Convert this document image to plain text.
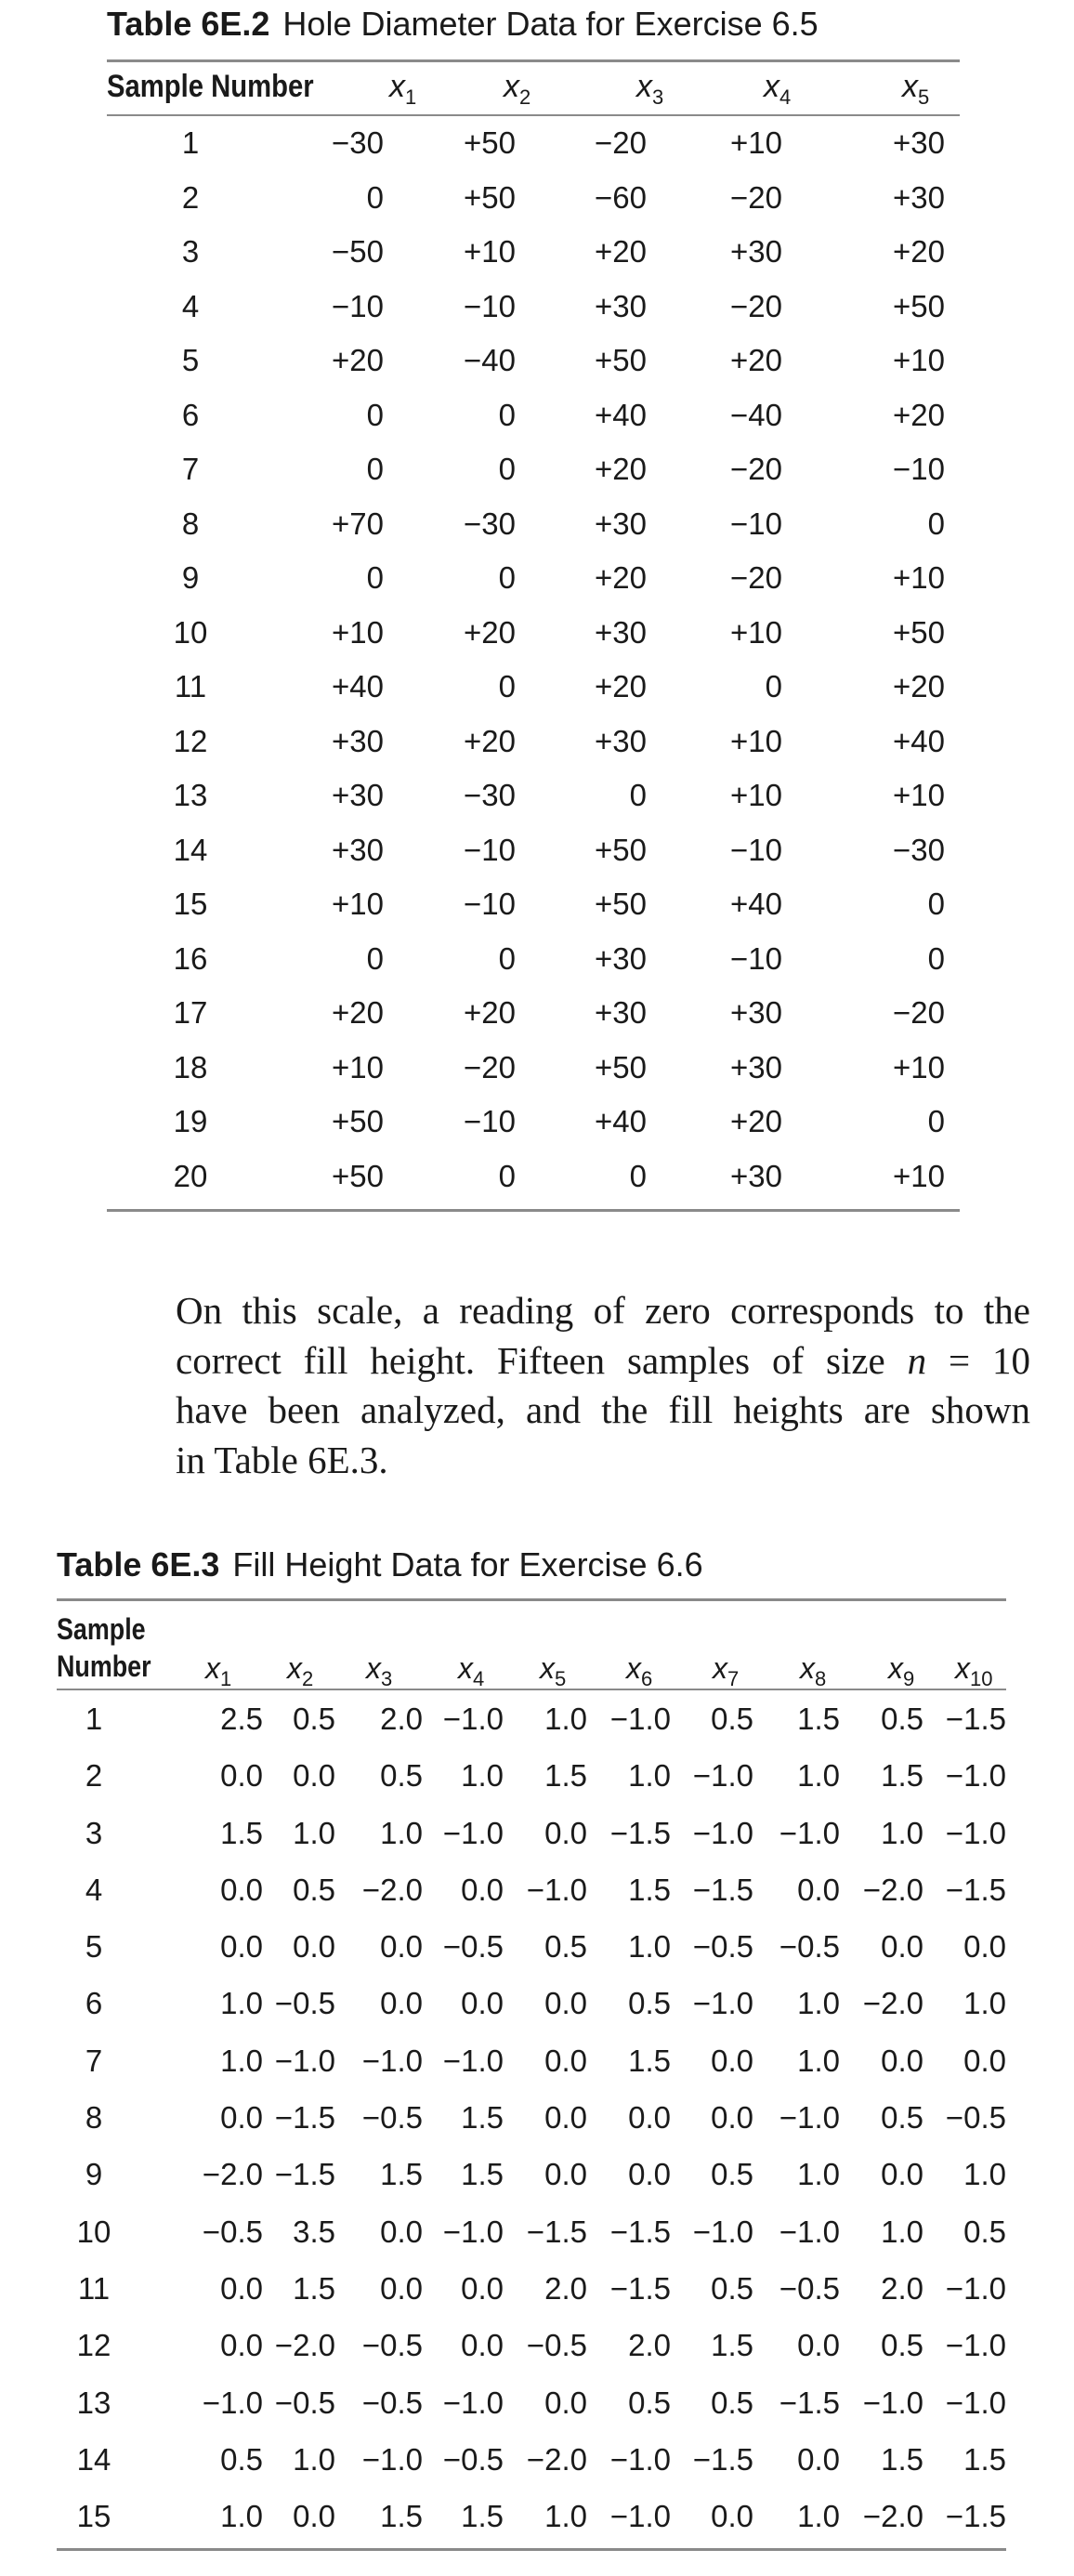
Table 6E.2 Hole Diameter Data for Exercise 6.5
Sample Number $x_1$	$x_2$	$x_3$	$x_4$	$x_5$
1	−30	+50	−20	+10	+30
2	0	+50	−60	−20	+30
3	−50	+10	+20	+30	+20
4	−10	−10	+30	−20	+50
5	+20	−40	+50	+20	+10
6	0	0	+40	−40	+20
7	0	0	+20	−20	−10
8	+70	−30	+30	−10	0
9	0	0	+20	−20	+10
10	+10	+20	+30	+10	+50
11	+40	0	+20	0	+20
12	+30	+20	+30	+10	+40
13	+30	−30	0	+10	+10
14	+30	−10	+50	−10	−30
15	+10	−10	+50	+40	0
16	0	0	+30	−10	0
17	+20	+20	+30	+30	−20
18	+10	−20	+50	+30	+10
19	+50	−10	+40	+20	0
20	+50	0	0	+30	+10
On this scale, a reading of zero corresponds to the
correct fill height. Fifteen samples of size n = 10
have been analyzed, and the fill heights are shown
in Table 6E.3.
Table 6E.3 Fill Height Data for Exercise 6.6
Sample
Number $x_1$ $x_2$ $x_3$ $x_4$ $x_5$ $x_6$ $x_7$ $x_8$ $x_9$ $x_{10}$
1	2.5 0.5 2.0 −1.0 1.0 −1.0 0.5 1.5 0.5 −1.5
2	0.0 0.0 0.5 1.0 1.5 1.0 −1.0 1.0 1.5 −1.0
3	1.5 1.0 1.0 −1.0 0.0 −1.5 −1.0 −1.0 1.0 −1.0
4	0.0 0.5 −2.0 0.0 −1.0 1.5 −1.5 0.0 −2.0 −1.5
5	0.0 0.0 0.0 −0.5 0.5 1.0 −0.5 −0.5 0.0 0.0
6	1.0 −0.5 0.0 0.0 0.0 0.5 −1.0 1.0 −2.0 1.0
7	1.0 −1.0 −1.0 −1.0 0.0 1.5 0.0 1.0 0.0 0.0
8	0.0 −1.5 −0.5 1.5 0.0 0.0 0.0 −1.0 0.5 −0.5
9	−2.0 −1.5 1.5 1.5 0.0 0.0 0.5 1.0 0.0 1.0
10	−0.5 3.5 0.0 −1.0 −1.5 −1.5 −1.0 −1.0 1.0 0.5
11	0.0 1.5 0.0 0.0 2.0 −1.5 0.5 −0.5 2.0 −1.0
12	0.0 −2.0 −0.5 0.0 −0.5 2.0 1.5 0.0 0.5 −1.0
13	−1.0 −0.5 −0.5 −1.0 0.0 0.5 0.5 −1.5 −1.0 −1.0
14	0.5 1.0 −1.0 −0.5 −2.0 −1.0 −1.5 0.0 1.5 1.5
15	1.0 0.0 1.5 1.5 1.0 −1.0 0.0 1.0 −2.0 −1.5
